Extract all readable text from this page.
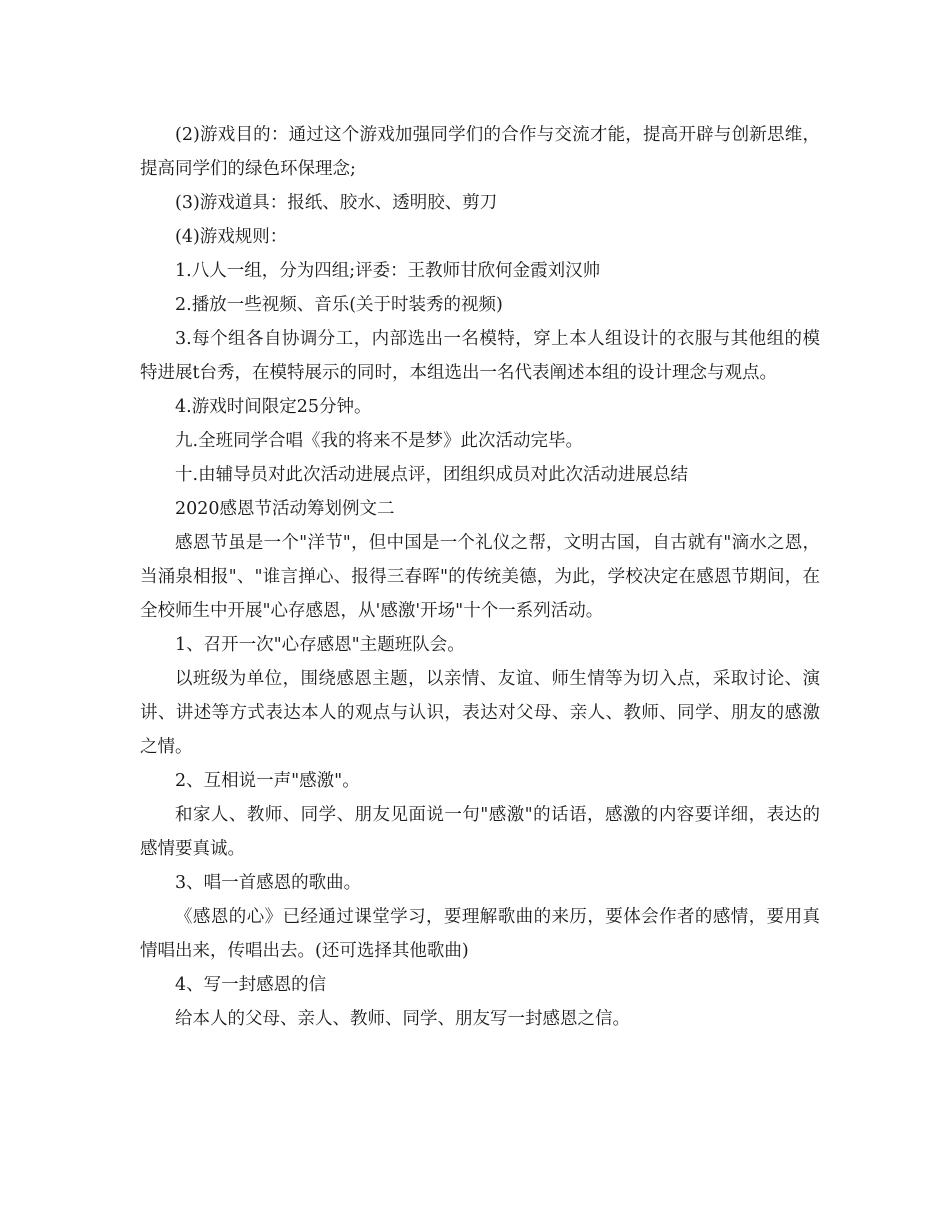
(2)游戏目的：通过这个游戏加强同学们的合作与交流才能，提高开辟与创新思维，提高同学们的绿色环保理念;

(3)游戏道具：报纸、胶水、透明胶、剪刀

(4)游戏规则：

1.八人一组，分为四组;评委：王教师甘欣何金霞刘汉帅

2.播放一些视频、音乐(关于时装秀的视频)

3.每个组各自协调分工，内部选出一名模特，穿上本人组设计的衣服与其他组的模特进展t台秀，在模特展示的同时，本组选出一名代表阐述本组的设计理念与观点。

4.游戏时间限定25分钟。

九.全班同学合唱《我的将来不是梦》此次活动完毕。

十.由辅导员对此次活动进展点评，团组织成员对此次活动进展总结

2020感恩节活动筹划例文二

感恩节虽是一个"洋节"，但中国是一个礼仪之帮，文明古国，自古就有"滴水之恩，当涌泉相报"、"谁言掸心、报得三春晖"的传统美德，为此，学校决定在感恩节期间，在全校师生中开展"心存感恩，从'感激'开场"十个一系列活动。

1、召开一次"心存感恩"主题班队会。

以班级为单位，围绕感恩主题，以亲情、友谊、师生情等为切入点，采取讨论、演讲、讲述等方式表达本人的观点与认识，表达对父母、亲人、教师、同学、朋友的感激之情。

2、互相说一声"感激"。

和家人、教师、同学、朋友见面说一句"感激"的话语，感激的内容要详细，表达的感情要真诚。

3、唱一首感恩的歌曲。

《感恩的心》已经通过课堂学习，要理解歌曲的来历，要体会作者的感情，要用真情唱出来，传唱出去。(还可选择其他歌曲)

4、写一封感恩的信

给本人的父母、亲人、教师、同学、朋友写一封感恩之信。
